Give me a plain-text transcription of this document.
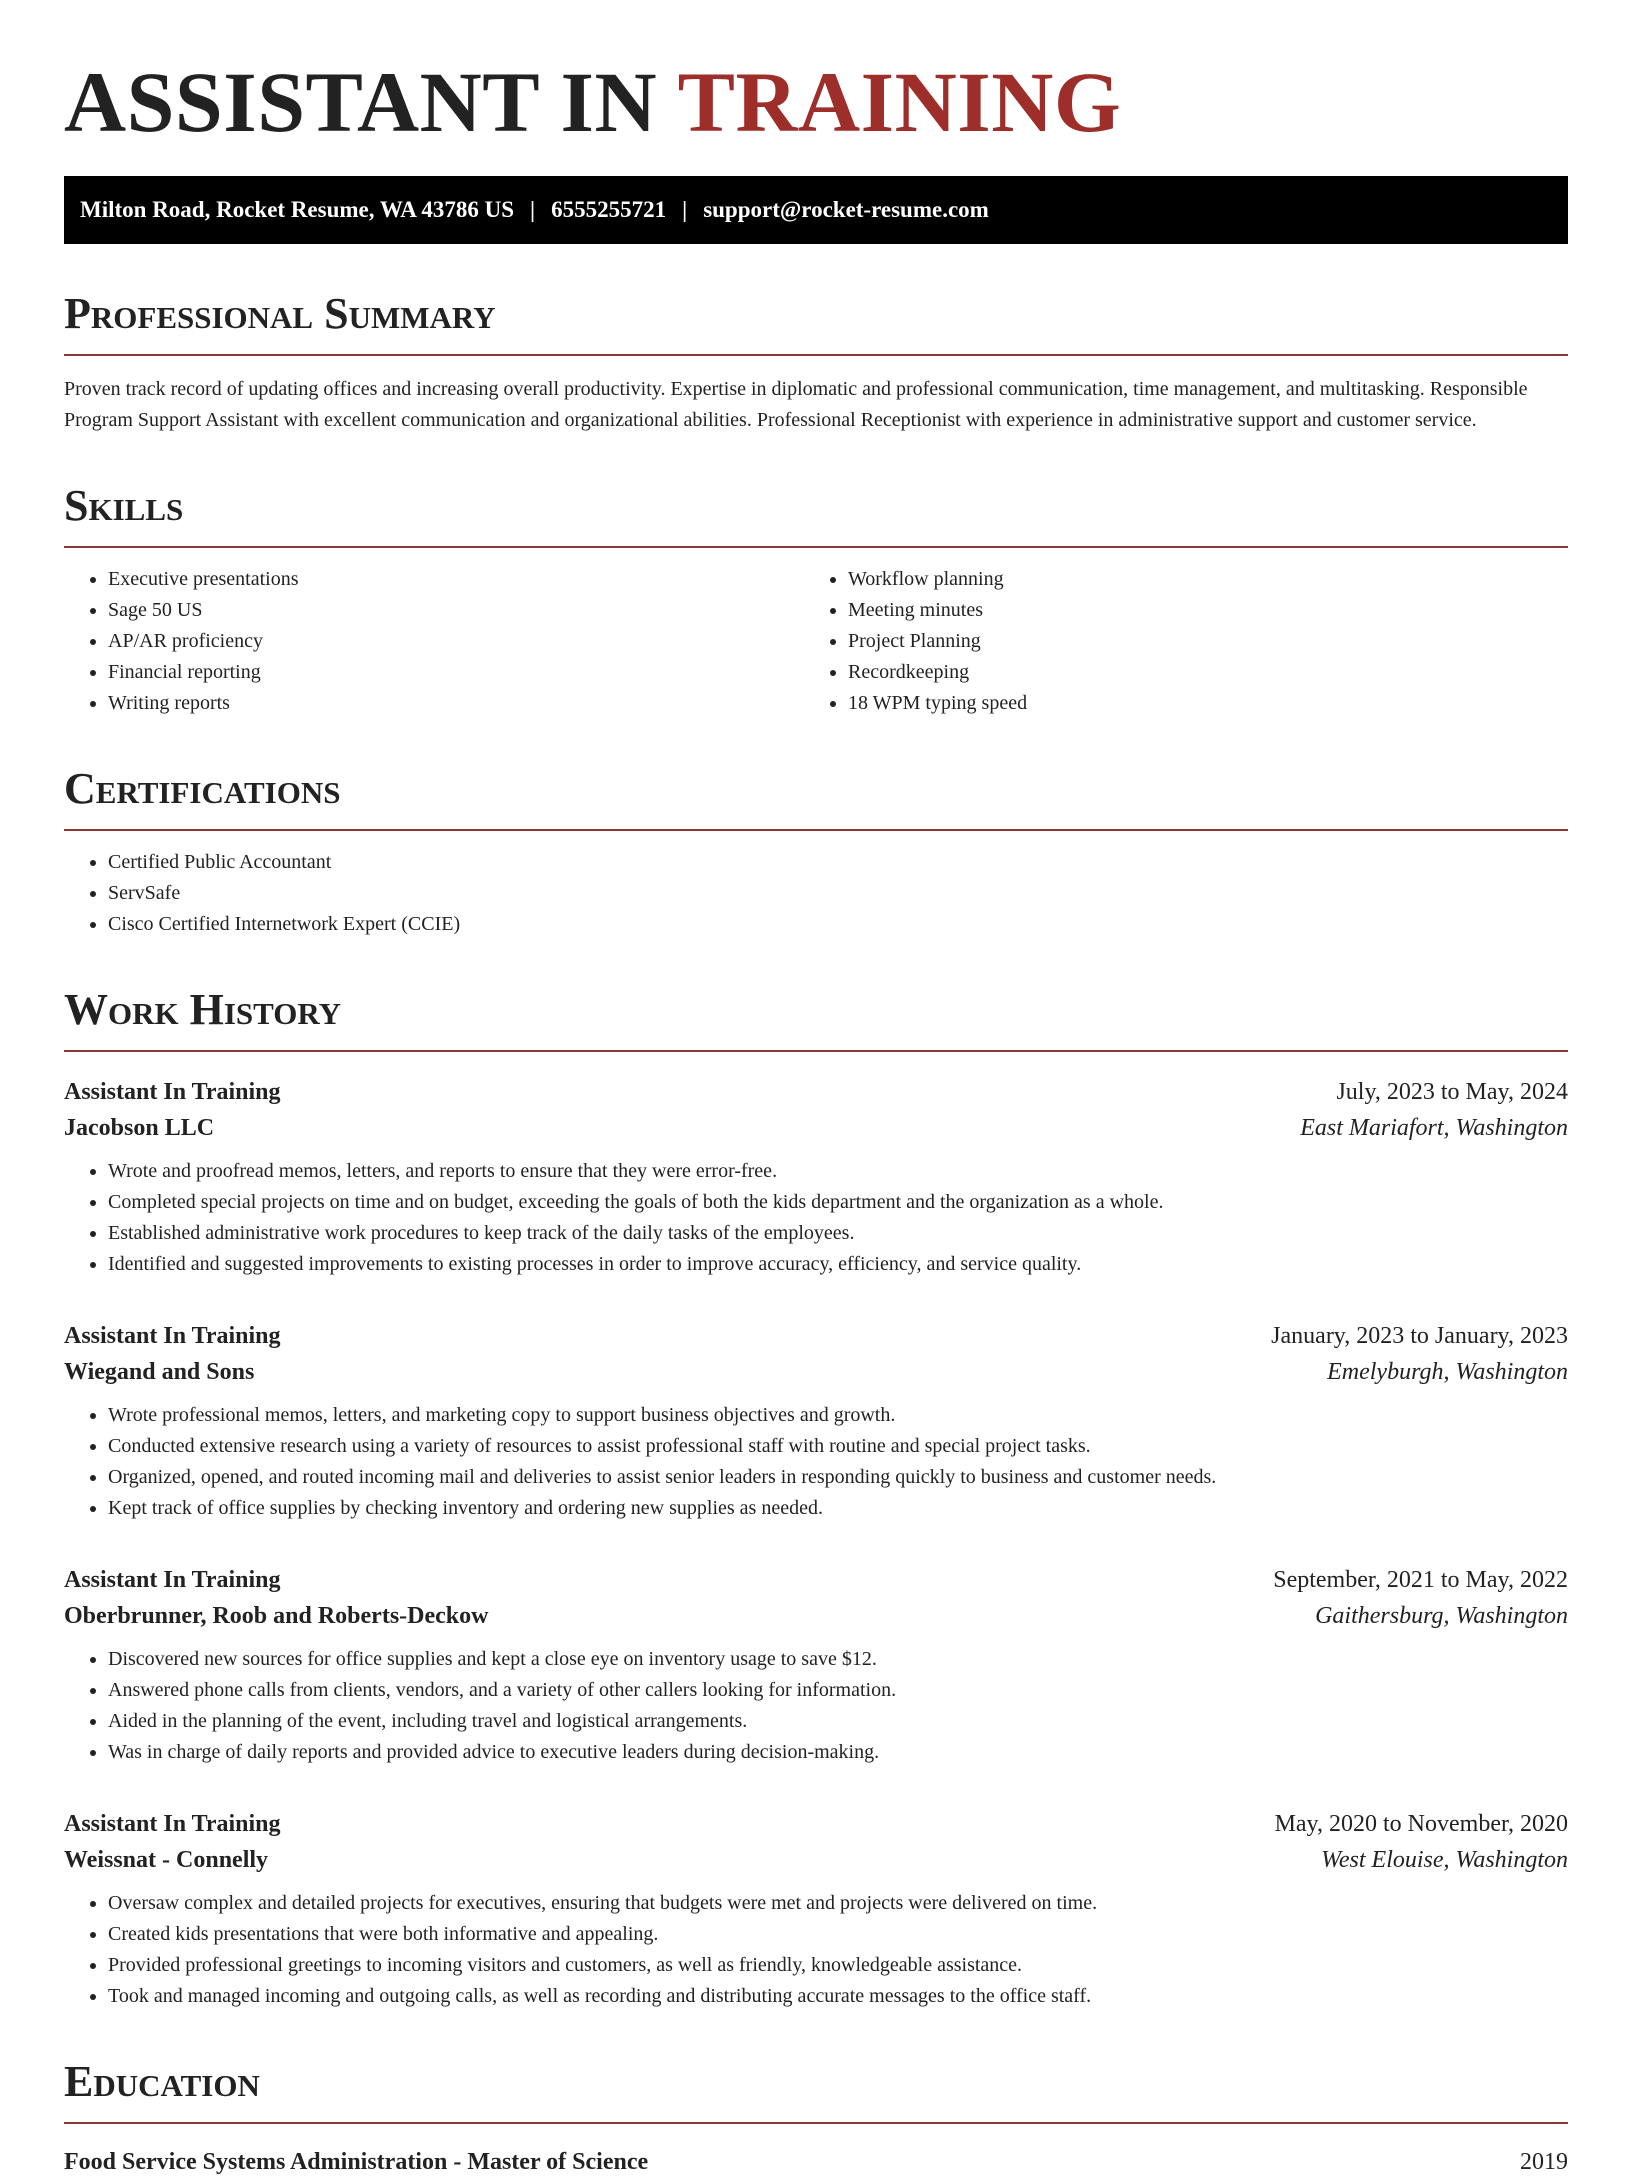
ASSISTANT IN TRAINING
Milton Road, Rocket Resume, WA 43786 US | 6555255721 | support@rocket-resume.com
Professional Summary

Proven track record of updating offices and increasing overall productivity. Expertise in diplomatic and professional communication, time management, and multitasking. Responsible Program Support Assistant with excellent communication and organizational abilities. Professional Receptionist with experience in administrative support and customer service.

Skills
• Executive presentations
• Sage 50 US
• AP/AR proficiency
• Financial reporting
• Writing reports
• Workflow planning
• Meeting minutes
• Project Planning
• Recordkeeping
• 18 WPM typing speed
Certifications
• Certified Public Accountant
• ServSafe
• Cisco Certified Internetwork Expert (CCIE)
Work History
Assistant In Training	July, 2023 to May, 2024
Jacobson LLC	East Mariafort, Washington
• Wrote and proofread memos, letters, and reports to ensure that they were error-free.
• Completed special projects on time and on budget, exceeding the goals of both the kids department and the organization as a whole.
• Established administrative work procedures to keep track of the daily tasks of the employees.
• Identified and suggested improvements to existing processes in order to improve accuracy, efficiency, and service quality.
Assistant In Training	January, 2023 to January, 2023
Wiegand and Sons	Emelyburgh, Washington
• Wrote professional memos, letters, and marketing copy to support business objectives and growth.
• Conducted extensive research using a variety of resources to assist professional staff with routine and special project tasks.
• Organized, opened, and routed incoming mail and deliveries to assist senior leaders in responding quickly to business and customer needs.
• Kept track of office supplies by checking inventory and ordering new supplies as needed.
Assistant In Training	September, 2021 to May, 2022
Oberbrunner, Roob and Roberts-Deckow	Gaithersburg, Washington
• Discovered new sources for office supplies and kept a close eye on inventory usage to save $12.
• Answered phone calls from clients, vendors, and a variety of other callers looking for information.
• Aided in the planning of the event, including travel and logistical arrangements.
• Was in charge of daily reports and provided advice to executive leaders during decision-making.
Assistant In Training	May, 2020 to November, 2020
Weissnat - Connelly	West Elouise, Washington
• Oversaw complex and detailed projects for executives, ensuring that budgets were met and projects were delivered on time.
• Created kids presentations that were both informative and appealing.
• Provided professional greetings to incoming visitors and customers, as well as friendly, knowledgeable assistance.
• Took and managed incoming and outgoing calls, as well as recording and distributing accurate messages to the office staff.
Education
Food Service Systems Administration - Master of Science	2019
